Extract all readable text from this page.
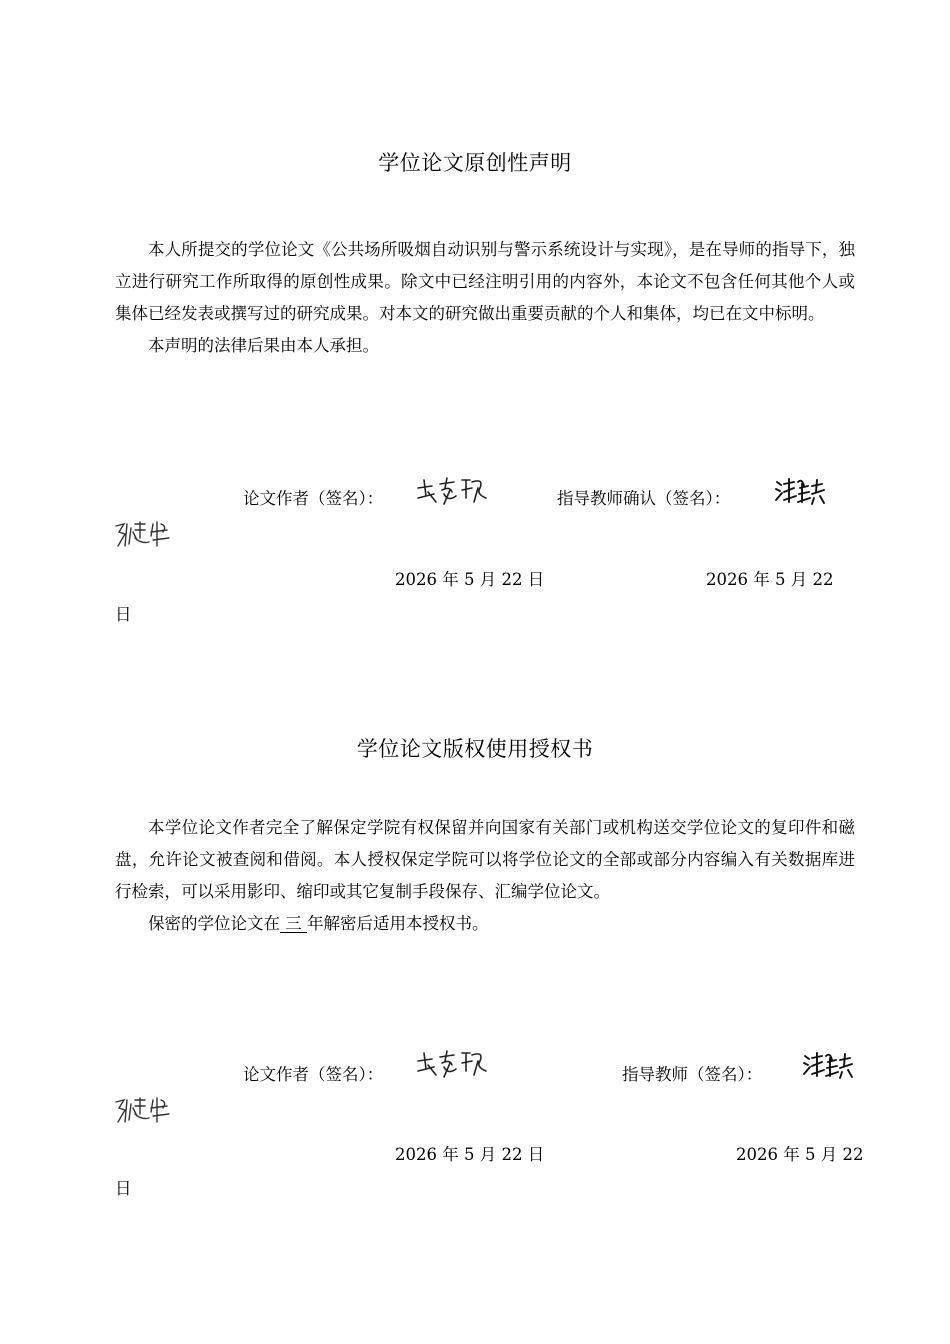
学位论文原创性声明

本人所提交的学位论文《公共场所吸烟自动识别与警示系统设计与实现》，是在导师的指导下，独立进行研究工作所取得的原创性成果。除文中已经注明引用的内容外，本论文不包含任何其他个人或集体已经发表或撰写过的研究成果。对本文的研究做出重要贡献的个人和集体，均已在文中标明。

本声明的法律后果由本人承担。

论文作者（签名）：	指导教师确认（签名）：
2026 年 5 月 22 日	2026 年 5 月 22
日
学位论文版权使用授权书

本学位论文作者完全了解保定学院有权保留并向国家有关部门或机构送交学位论文的复印件和磁盘，允许论文被查阅和借阅。本人授权保定学院可以将学位论文的全部或部分内容编入有关数据库进行检索，可以采用影印、缩印或其它复制手段保存、汇编学位论文。

保密的学位论文在 三 年解密后适用本授权书。

论文作者（签名）：	指导教师（签名）：
2026 年 5 月 22 日	2026 年 5 月 22
日
